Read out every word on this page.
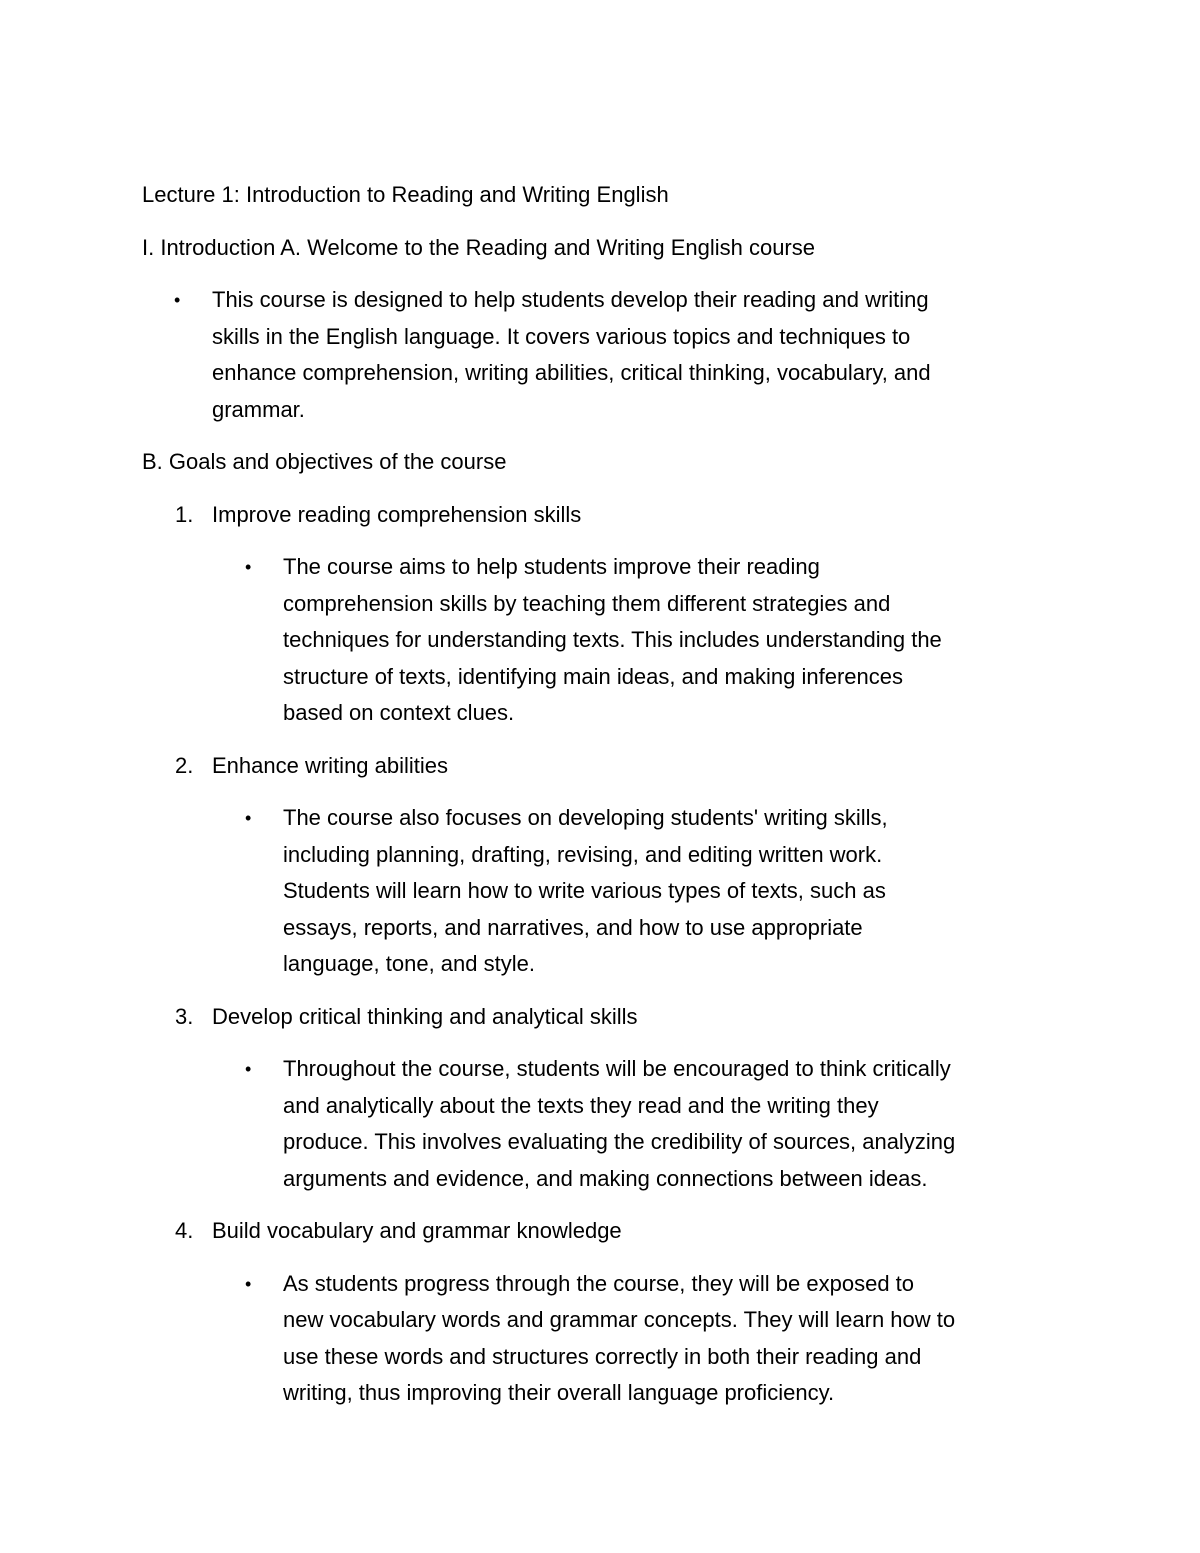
Lecture 1: Introduction to Reading and Writing English

I. Introduction A. Welcome to the Reading and Writing English course

• This course is designed to help students develop their reading and writing
skills in the English language. It covers various topics and techniques to
enhance comprehension, writing abilities, critical thinking, vocabulary, and
grammar.

B. Goals and objectives of the course

1. Improve reading comprehension skills
• The course aims to help students improve their reading
comprehension skills by teaching them different strategies and
techniques for understanding texts. This includes understanding the
structure of texts, identifying main ideas, and making inferences
based on context clues.
2. Enhance writing abilities
• The course also focuses on developing students' writing skills,
including planning, drafting, revising, and editing written work.
Students will learn how to write various types of texts, such as
essays, reports, and narratives, and how to use appropriate
language, tone, and style.
3. Develop critical thinking and analytical skills
• Throughout the course, students will be encouraged to think critically
and analytically about the texts they read and the writing they
produce. This involves evaluating the credibility of sources, analyzing
arguments and evidence, and making connections between ideas.
4. Build vocabulary and grammar knowledge
• As students progress through the course, they will be exposed to
new vocabulary words and grammar concepts. They will learn how to
use these words and structures correctly in both their reading and
writing, thus improving their overall language proficiency.
